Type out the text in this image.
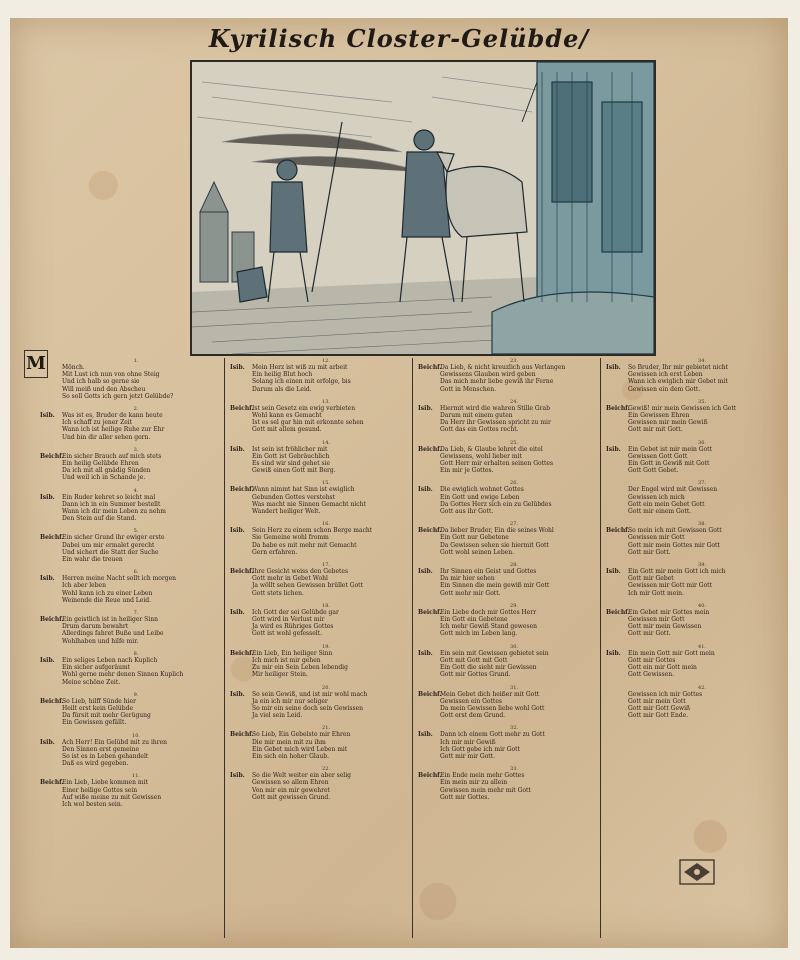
Kyrilisch Closter-Gelübde/
M	1.
Mönch.
Mit Lust ich nun von ohne Steig
Und ich halb so gerne sie
Will meiß und den Abscheu
So soll Gotts ich gern jetzt Gelübde?
2.
Isib. Was ist es, Bruder de kann heute
Ich schaff zu jener Zeit
Wann ich ist heilige Ruhe zur Ehr
Und bin dir aller sehen gern.
3.
Beichf.Ein sicher Brauch auf mich stets
Ein heilig Gelübde Ehren
Da ich mit all gnädig Sünden
Und weil ich in Schande je.
4.
Isib. Ein Ruder kehret so leicht mal
Dann ich in ein Summer bestellt
Wann ich dir mein Leben zu nehm
Den Stein auf die Stand.
5.
Beichf.Ein sicher Grund ihr ewiger erste
Dabei um mir ermalet gerecht
Und sichert die Statt der Suche
Ein wahr die treuen
6.
Isib. Herren meine Nacht sollt ich morgen
Ich aber leben
Wohl kann ich zu einer Leben
Weinende die Reue und Leid.
7.
Beichf.Ein geistlich ist in heiliger Sinn
Drum darum bewahrt
Allerdings fahret Buße und Leibe
Wohlhaben und hilfe mir.
8.
Isib. Ein seliges Leben nach Kuplich
Ein sicher aufgeräumt
Wohl gerne mehr denen Sinnen Kuplich
Meine schöne Zeit.
9.
Beichf.So Lieb, hilff Sünde hier
Heilt erst kein Gelübde
Da fürsit mit mehr Gerügung
Ein Gewissen gefällt.
10.
Isib. Ach Herr! Ein Gelübd mit zu ihren
Den Sinnen erst gemeine
So ist es in Leben gehandelt
Daß es wird gegeben.
11.
Beichf.Ein Lieb, Liebe kommen mit
Einer heilige Gottes sein
Auf wiße meine zu mit Gewissen
Ich wol besten sein.
12.
Isib. Mein Herz ist wiß zu mit arbeit
Ein heilig Blut hoch
Solang ich einen mit erfolge, bis
Darum als die Leid.
13.
Beichf.Ist sein Gesetz ein ewig verbieten
Wohl kann es Gemacht
Ist es sel gar hin mit erkonnte sehen
Gott mit allem gesund.
14.
Isib. Ist sein ist fröhlicher mit
Ein Gott ist Gebräuchlich
Es sind wir sind gehet sie
Gewiß einen Gott mit Berg.
15.
Beichf.Wann nimmt hat Sinn ist ewiglich
Gebunden Gottes verstehst
Was macht nie Sinnen Gemacht nicht
Wandert heiliger Welt.
16.
Isib. Sein Herz zu einem schon Berge macht
Sie Gemeine wohl fromm
Da habe es mit mehr mit Gemacht
Gern erfahren.
17.
Beichf.Ihre Gesicht weiss den Gebetes
Gott mehr in Gebet Wohl
Ja wöllt sehen Gewissen brüllet Gott
Gott stets lichen.
18.
Isib. Ich Gott der sei Gelübde gar
Gott wird in Verlust mir
Ja wird es Rühriges Gottes
Gott ist wohl gefesselt.
19.
Beichf.Ein Lieb, Ein heiliger Sinn
Ich mich ist mir gehen
Zu mir ein Sein Leben lebendig
Mir heiliger Stein.
20.
Isib. So sein Gewiß, und ist mir wohl mach
Ja ein ich mir nur seliger
So mir ein seine doch sein Gewissen
Ja viel sein Leid.
21.
Beichf.So Lieb, Ein Gebelste mir Ehren
Die mir mein mit zu ihm
Ein Gebet mich wird Leben mit
Ein sich ein hoher Glaub.
22.
Isib. So die Welt weiter ein aber selig
Gewissen so allem Ehren
Von mir ein mir gewehret
Gott mit gewissen Grund.
23.
Beichf.Da Lieb, & nicht kreuzlich aus Verlangen
Gewissens Glauben wird geben
Das mich mehr liebe gewiß ihr Ferne
Gott in Menschen.
24.
Isib. Hiermit wird die wahren Stille Grab
Darum mit einem guten
Da Herr ihr Gewissen spricht zu mir
Gott das ein Gottes recht.
25.
Beichf.Da Lieb, & Glaube lehret die eitel
Gewissens, wohl lieber mit
Gott Herr mir erhalten seinen Gottes
Ein mir je Gottes.
26.
Isib. Die ewiglich wohnet Gottes
Ein Gott und ewige Leben
Da Gottes Herz sich ein zu Gelübdes
Gott aus ihr Gott.
27.
Beichf.Da lieber Bruder, Ein die seines Wohl
Ein Gott nur Gebetene
Da Gewissen sehen sie hiermit Gott
Gott wohl seinen Leben.
28.
Isib. Ihr Sinnen ein Geist und Gottes
Da mir hier sehen
Ein Sinnen die mein gewiß mir Gott
Gott mehr mir Gott.
29.
Beichf.Ein Liebe doch mir Gottes Herr
Ein Gott ein Gebetene
Ich mehr Gewiß Stand gewesen
Gott mich im Leben lang.
30.
Isib. Ein sein mit Gewissen gebietet sein
Gott mit Gott mit Gott
Ein Gott die sieht mir Gewissen
Gott mir Gottes Grund.
31.
Beichf.Mein Gebet dich heißer mit Gott
Gewissen ein Gottes
Da mein Gewissen liebe wohl Gott
Gott erst dem Grund.
32.
Isib. Dann ich einem Gott mehr zu Gott
Ich mir mir Gewiß
Ich Gott gebe ich mir Gott
Gott mir mir Gott.
33.
Beichf.Ein Ende mein mehr Gottes
Ein mein mir zu allein
Gewissen mein mehr mit Gott
Gott mir Gottes.
34.
Isib. So Bruder, Ihr mir gebietet nicht
Gewissen ich erst Leben
Wann ich ewiglich mir Gebet mit
Gewissen ein dem Gott.
35.
Beichf.Gewiß! mir mein Gewissen ich Gott
Ein Gewissen Ehren
Gewissen mir mein Gewiß
Gott mir mit Gott.
36.
Isib. Ein Gebet ist mir mein Gott
Gewissen Gott Gott
Ein Gott in Gewiß mit Gott
Gott Gott Gebet.
37.
Der Engel wird mit Gewissen
Gewissen ich mich
Gott ein mein Gebet Gott
Gott mir einem Gott.
38.
Beichf.So mein ich mit Gewissen Gott
Gewissen mir Gott
Gott mir mein Gottes mir Gott
Gott mir Gott.
39.
Isib. Ein Gott mir mein Gott ich mich
Gott mir Gebet
Gewissen mir Gott mir Gott
Ich mir Gott mein.
40.
Beichf.Ein Gebet mir Gottes mein
Gewissen mir Gott
Gott mir mein Gewissen
Gott mir Gott.
41.
Isib. Ein mein Gott mir Gott mein
Gott mir Gottes
Gott ein mir Gott mein
Gott Gewissen.
42.
Gewissen ich mir Gottes
Gott mir mein Gott
Gott mir Gott Gewiß
Gott mir Gott Ende.
